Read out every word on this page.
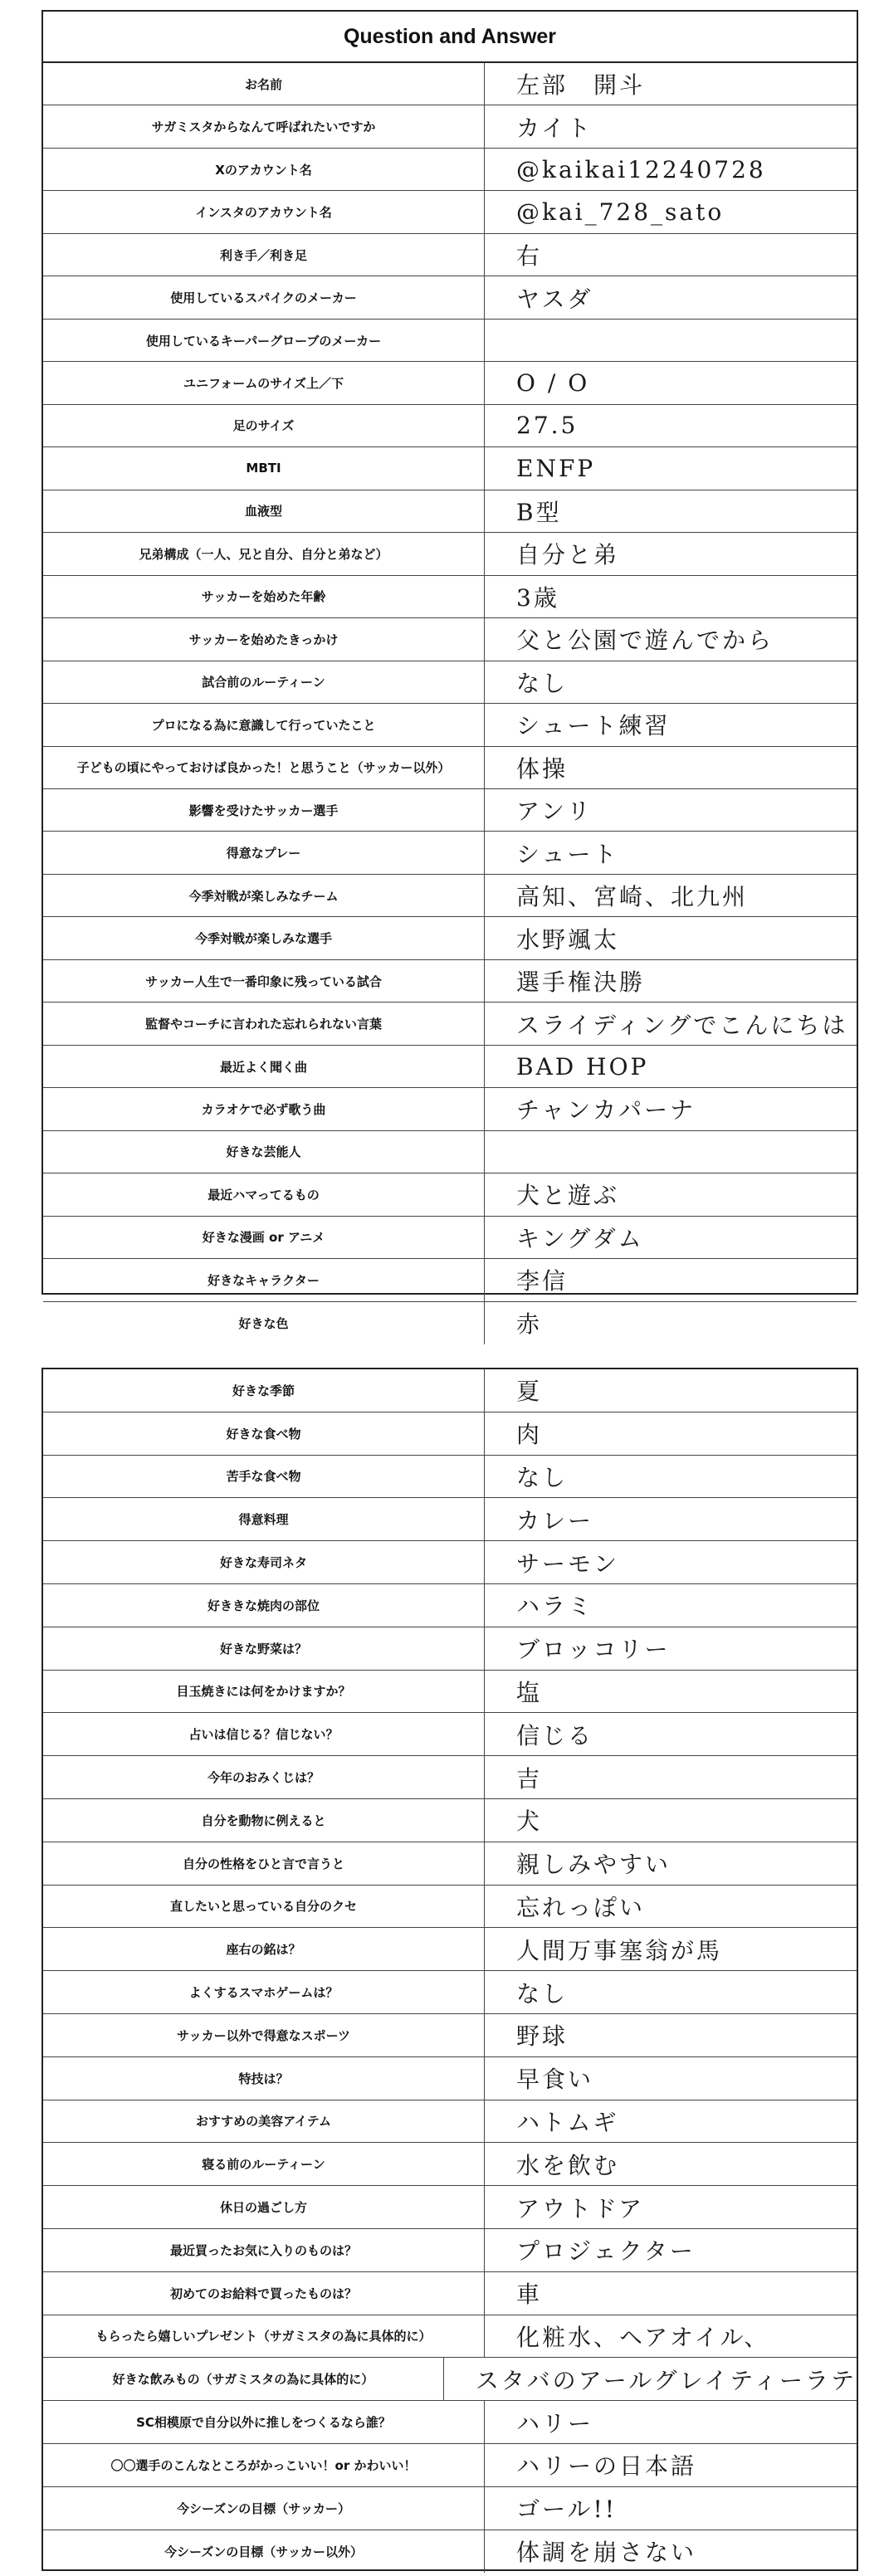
Question and Answer
お名前	左部　開斗
サガミスタからなんて呼ばれたいですか	カイト
Xのアカウント名	@kaikai12240728
インスタのアカウント名	@kai_728_sato
利き手／利き足	右
使用しているスパイクのメーカー	ヤスダ
使用しているキーパーグローブのメーカー
ユニフォームのサイズ上／下	O / O
足のサイズ	27.5
MBTI	ENFP
血液型	B型
兄弟構成（一人、兄と自分、自分と弟など）	自分と弟
サッカーを始めた年齢	3歳
サッカーを始めたきっかけ	父と公園で遊んでから
試合前のルーティーン	なし
プロになる為に意識して行っていたこと	シュート練習
子どもの頃にやっておけば良かった！と思うこと（サッカー以外）	体操
影響を受けたサッカー選手	アンリ
得意なプレー	シュート
今季対戦が楽しみなチーム	高知、宮崎、北九州
今季対戦が楽しみな選手	水野颯太
サッカー人生で一番印象に残っている試合	選手権決勝
監督やコーチに言われた忘れられない言葉	スライディングでこんにちは
最近よく聞く曲	BAD HOP
カラオケで必ず歌う曲	チャンカパーナ
好きな芸能人
最近ハマってるもの	犬と遊ぶ
好きな漫画 or アニメ	キングダム
好きなキャラクター	李信
好きな色	赤
好きな季節	夏
好きな食べ物	肉
苦手な食べ物	なし
得意料理	カレー
好きな寿司ネタ	サーモン
好ききな焼肉の部位	ハラミ
好きな野菜は？	ブロッコリー
目玉焼きには何をかけますか？	塩
占いは信じる？信じない？	信じる
今年のおみくじは？	吉
自分を動物に例えると	犬
自分の性格をひと言で言うと	親しみやすい
直したいと思っている自分のクセ	忘れっぽい
座右の銘は？	人間万事塞翁が馬
よくするスマホゲームは？	なし
サッカー以外で得意なスポーツ	野球
特技は？	早食い
おすすめの美容アイテム	ハトムギ
寝る前のルーティーン	水を飲む
休日の過ごし方	アウトドア
最近買ったお気に入りのものは？	プロジェクター
初めてのお給料で買ったものは？	車
もらったら嬉しいプレゼント（サガミスタの為に具体的に）	化粧水、ヘアオイル、
好きな飲みもの（サガミスタの為に具体的に）	スタバのアールグレイティーラテ
SC相模原で自分以外に推しをつくるなら誰？	ハリー
〇〇選手のこんなところがかっこいい！or かわいい！	ハリーの日本語
今シーズンの目標（サッカー）	ゴール!!
今シーズンの目標（サッカー以外）	体調を崩さない
